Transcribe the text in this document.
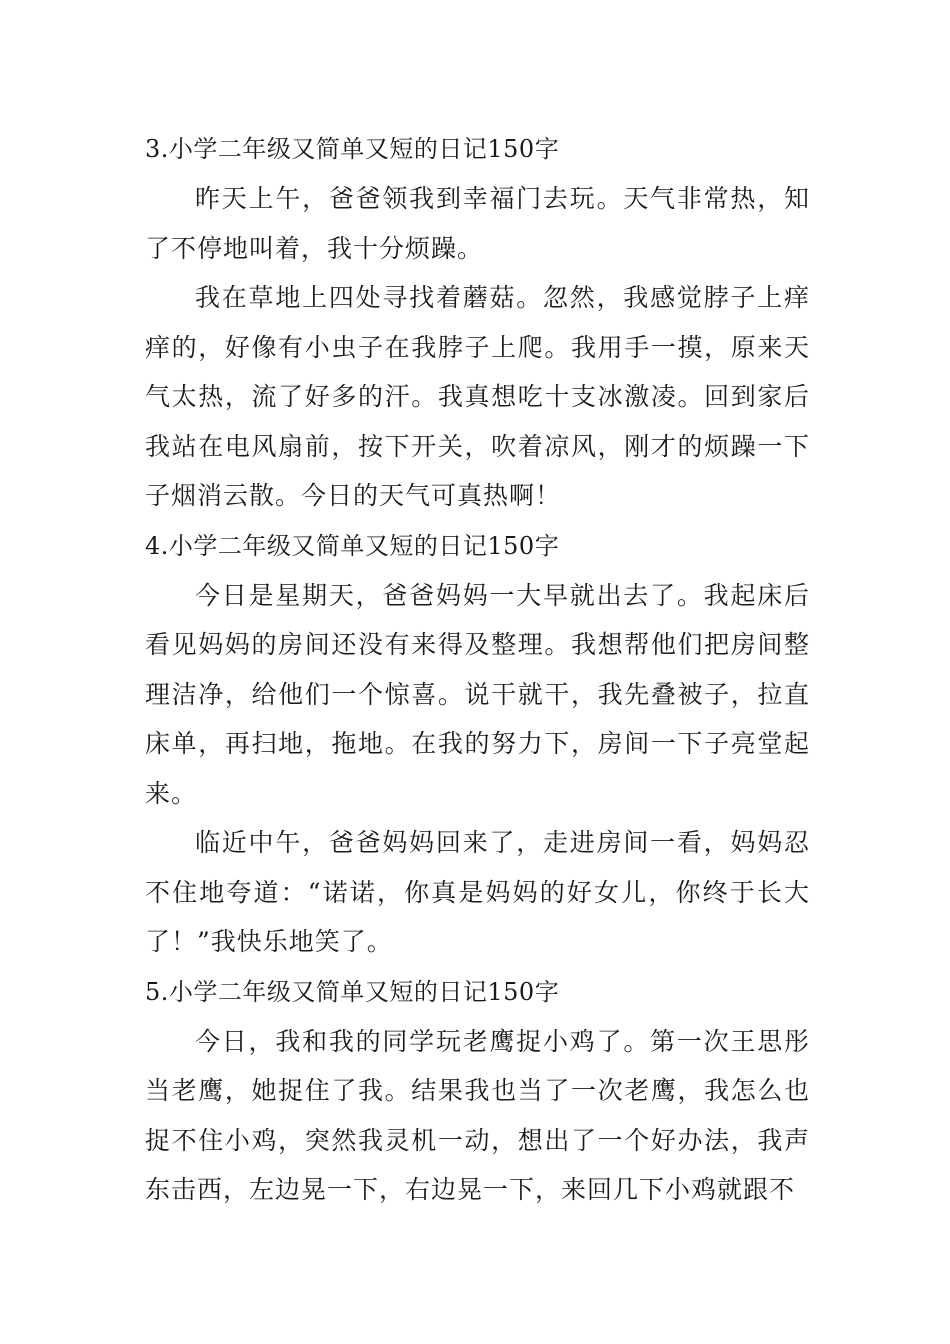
3.小学二年级又简单又短的日记150字

昨天上午，爸爸领我到幸福门去玩。天气非常热，知了不停地叫着，我十分烦躁。

我在草地上四处寻找着蘑菇。忽然，我感觉脖子上痒痒的，好像有小虫子在我脖子上爬。我用手一摸，原来天气太热，流了好多的汗。我真想吃十支冰激凌。回到家后我站在电风扇前，按下开关，吹着凉风，刚才的烦躁一下子烟消云散。今日的天气可真热啊！

4.小学二年级又简单又短的日记150字

今日是星期天，爸爸妈妈一大早就出去了。我起床后看见妈妈的房间还没有来得及整理。我想帮他们把房间整理洁净，给他们一个惊喜。说干就干，我先叠被子，拉直床单，再扫地，拖地。在我的努力下，房间一下子亮堂起来。

临近中午，爸爸妈妈回来了，走进房间一看，妈妈忍不住地夸道：“诺诺，你真是妈妈的好女儿，你终于长大了！”我快乐地笑了。

5.小学二年级又简单又短的日记150字

今日，我和我的同学玩老鹰捉小鸡了。第一次王思彤当老鹰，她捉住了我。结果我也当了一次老鹰，我怎么也捉不住小鸡，突然我灵机一动，想出了一个好办法，我声东击西，左边晃一下，右边晃一下，来回几下小鸡就跟不
